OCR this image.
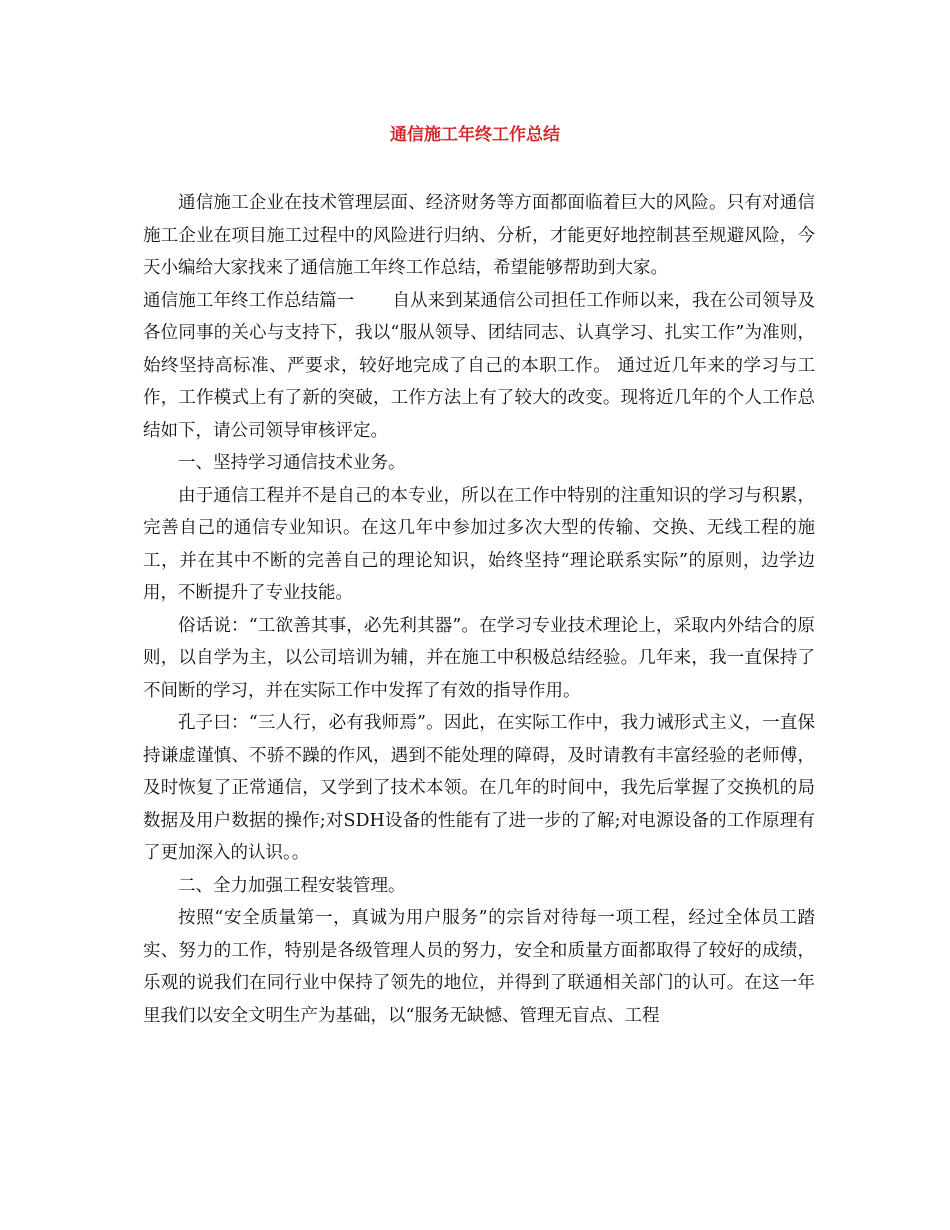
通信施工年终工作总结

通信施工企业在技术管理层面、经济财务等方面都面临着巨大的风险。只有对通信施工企业在项目施工过程中的风险进行归纳、分析，才能更好地控制甚至规避风险，今天小编给大家找来了通信施工年终工作总结，希望能够帮助到大家。

通信施工年终工作总结篇一 自从来到某通信公司担任工作师以来，我在公司领导及各位同事的关心与支持下，我以“服从领导、团结同志、认真学习、扎实工作”为准则，始终坚持高标准、严要求，较好地完成了自己的本职工作。 通过近几年来的学习与工作，工作模式上有了新的突破，工作方法上有了较大的改变。现将近几年的个人工作总结如下，请公司领导审核评定。

一、坚持学习通信技术业务。

由于通信工程并不是自己的本专业，所以在工作中特别的注重知识的学习与积累，完善自己的通信专业知识。在这几年中参加过多次大型的传输、交换、无线工程的施工，并在其中不断的完善自己的理论知识，始终坚持“理论联系实际”的原则，边学边用，不断提升了专业技能。

俗话说：“工欲善其事，必先利其器”。在学习专业技术理论上，采取内外结合的原则，以自学为主，以公司培训为辅，并在施工中积极总结经验。几年来，我一直保持了不间断的学习，并在实际工作中发挥了有效的指导作用。

孔子曰：“三人行，必有我师焉”。因此，在实际工作中，我力诫形式主义，一直保持谦虚谨慎、不骄不躁的作风，遇到不能处理的障碍，及时请教有丰富经验的老师傅，及时恢复了正常通信，又学到了技术本领。在几年的时间中，我先后掌握了交换机的局数据及用户数据的操作;对SDH设备的性能有了进一步的了解;对电源设备的工作原理有了更加深入的认识。。

二、全力加强工程安装管理。

按照“安全质量第一，真诚为用户服务”的宗旨对待每一项工程，经过全体员工踏实、努力的工作，特别是各级管理人员的努力，安全和质量方面都取得了较好的成绩，乐观的说我们在同行业中保持了领先的地位，并得到了联通相关部门的认可。在这一年里我们以安全文明生产为基础，以“服务无缺憾、管理无盲点、工程
